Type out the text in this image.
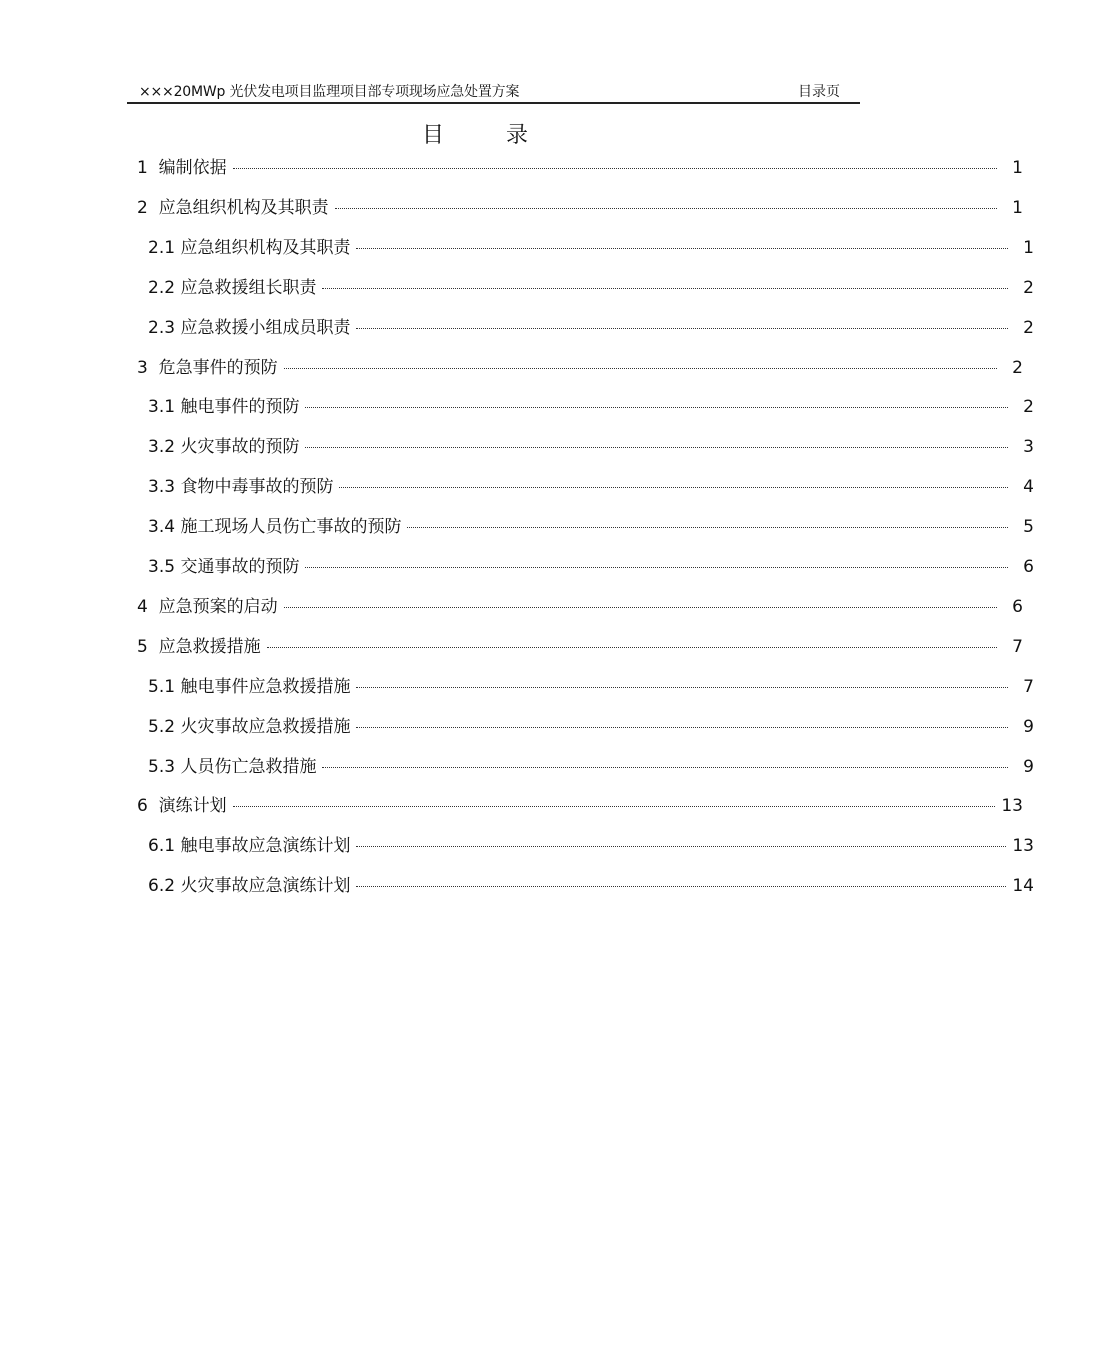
×××20MWp 光伏发电项目监理项目部专项现场应急处置方案	目录页
目　录
1 编制依据	1
2 应急组织机构及其职责	1
2.1 应急组织机构及其职责	1
2.2 应急救援组长职责	2
2.3 应急救援小组成员职责	2
3 危急事件的预防	2
3.1 触电事件的预防	2
3.2 火灾事故的预防	3
3.3 食物中毒事故的预防	4
3.4 施工现场人员伤亡事故的预防	5
3.5 交通事故的预防	6
4 应急预案的启动	6
5 应急救援措施	7
5.1 触电事件应急救援措施	7
5.2 火灾事故应急救援措施	9
5.3 人员伤亡急救措施	9
6 演练计划	13
6.1 触电事故应急演练计划	13
6.2 火灾事故应急演练计划	14
